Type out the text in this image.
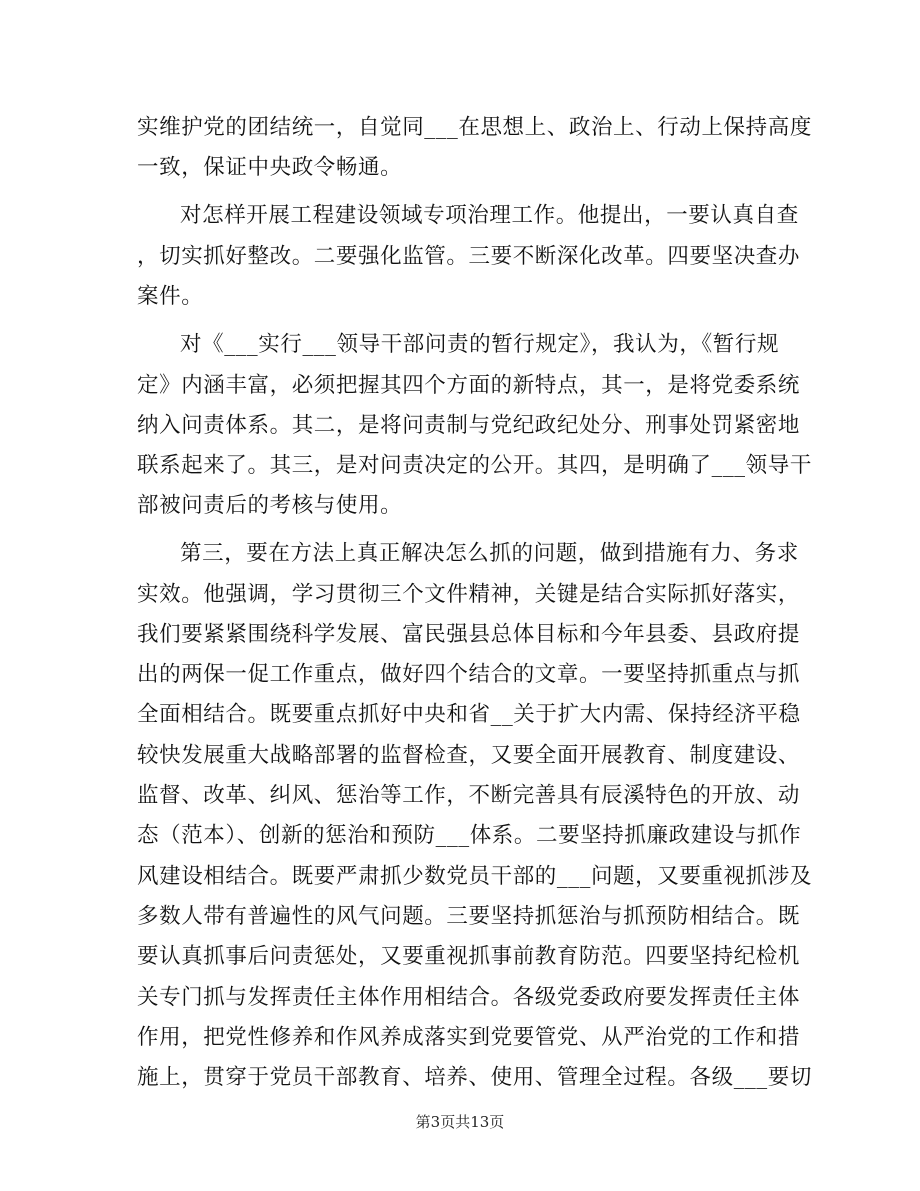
实维护党的团结统一，自觉同___在思想上、政治上、行动上保持高度
一致，保证中央政令畅通。
对怎样开展工程建设领域专项治理工作。他提出，一要认真自查
，切实抓好整改。二要强化监管。三要不断深化改革。四要坚决查办
案件。
对《___实行___领导干部问责的暂行规定》，我认为，《暂行规
定》内涵丰富，必须把握其四个方面的新特点，其一，是将党委系统
纳入问责体系。其二，是将问责制与党纪政纪处分、刑事处罚紧密地
联系起来了。其三，是对问责决定的公开。其四，是明确了___领导干
部被问责后的考核与使用。
第三，要在方法上真正解决怎么抓的问题，做到措施有力、务求
实效。他强调，学习贯彻三个文件精神，关键是结合实际抓好落实，
我们要紧紧围绕科学发展、富民强县总体目标和今年县委、县政府提
出的两保一促工作重点，做好四个结合的文章。一要坚持抓重点与抓
全面相结合。既要重点抓好中央和省__关于扩大内需、保持经济平稳
较快发展重大战略部署的监督检查，又要全面开展教育、制度建设、
监督、改革、纠风、惩治等工作，不断完善具有辰溪特色的开放、动
态（范本）、创新的惩治和预防___体系。二要坚持抓廉政建设与抓作
风建设相结合。既要严肃抓少数党员干部的___问题，又要重视抓涉及
多数人带有普遍性的风气问题。三要坚持抓惩治与抓预防相结合。既
要认真抓事后问责惩处，又要重视抓事前教育防范。四要坚持纪检机
关专门抓与发挥责任主体作用相结合。各级党委政府要发挥责任主体
作用，把党性修养和作风养成落实到党要管党、从严治党的工作和措
施上，贯穿于党员干部教育、培养、使用、管理全过程。各级___要切
第3页共13页
